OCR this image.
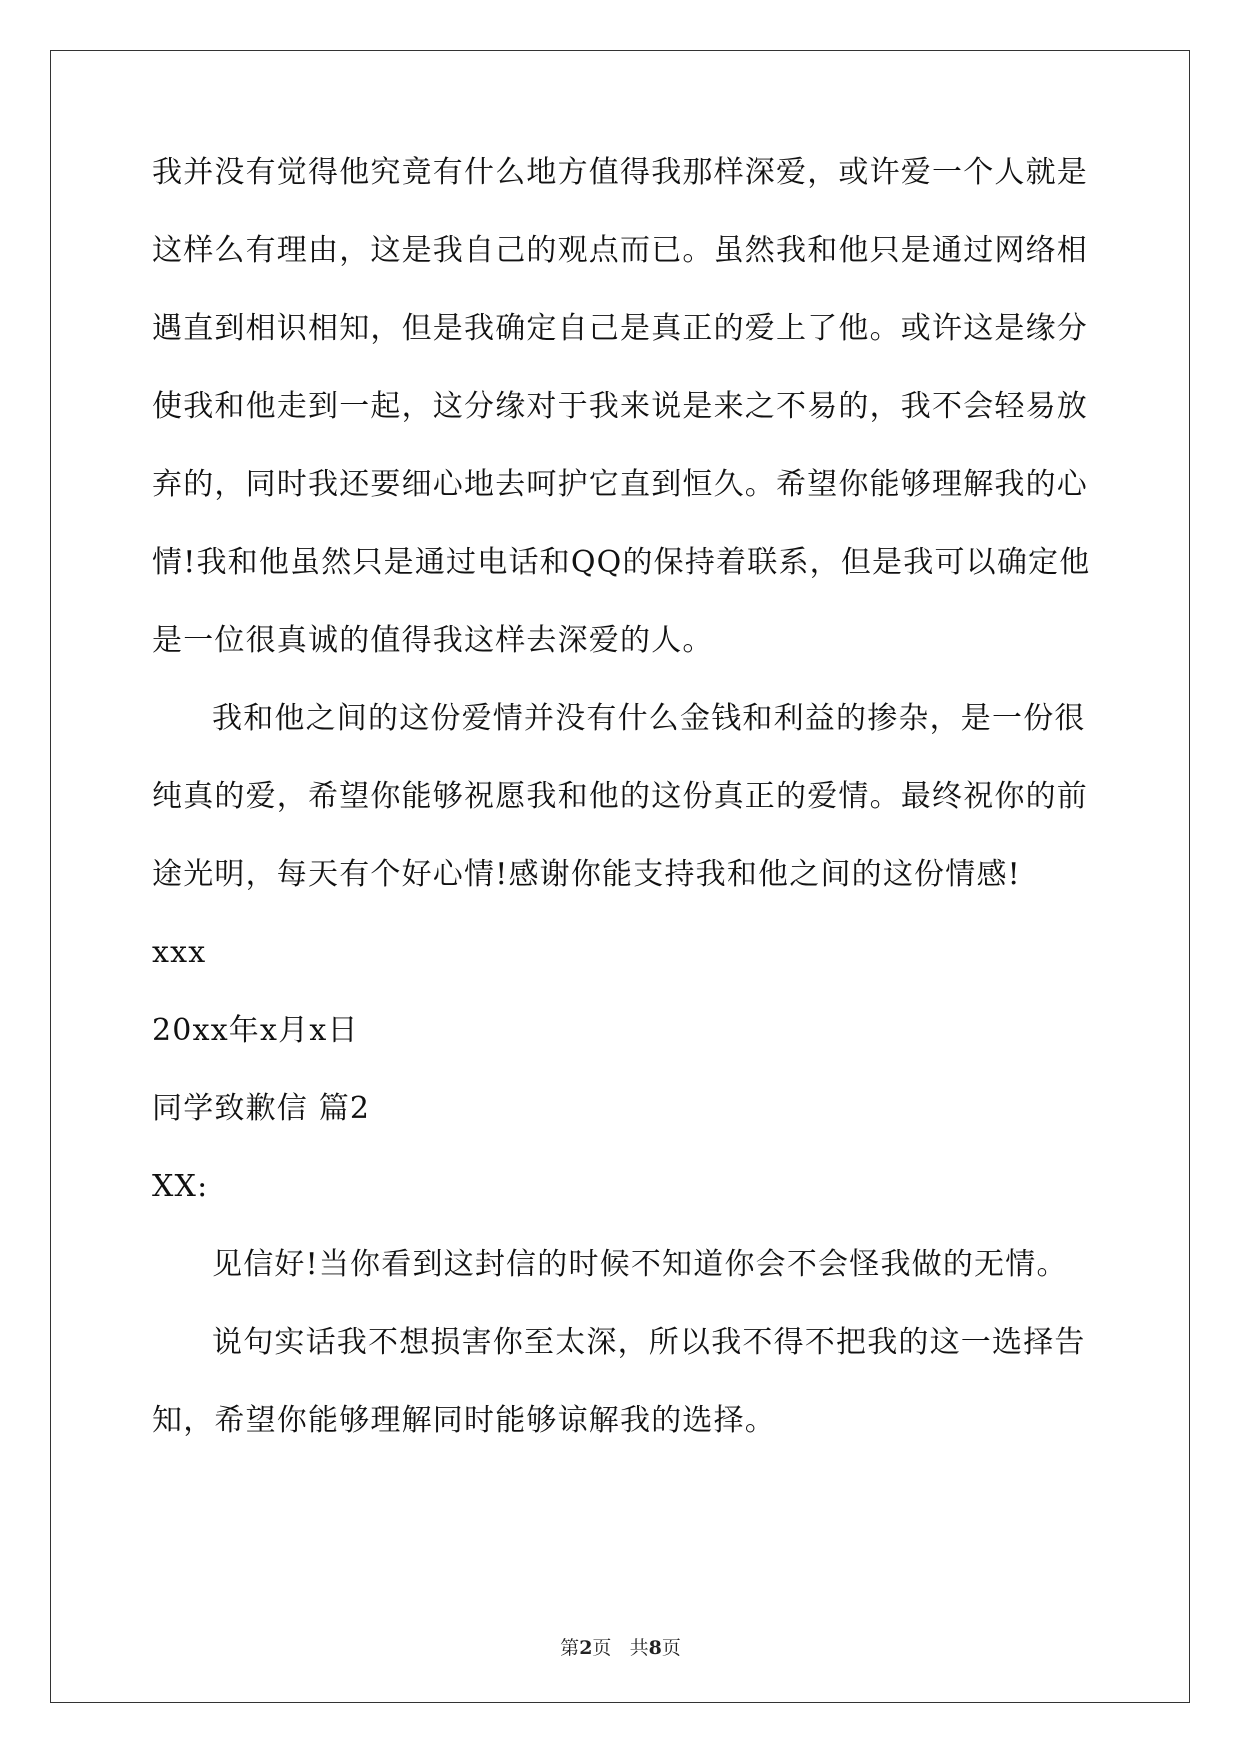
我并没有觉得他究竟有什么地方值得我那样深爱，或许爱一个人就是
这样么有理由，这是我自己的观点而已。虽然我和他只是通过网络相
遇直到相识相知，但是我确定自己是真正的爱上了他。或许这是缘分
使我和他走到一起，这分缘对于我来说是来之不易的，我不会轻易放
弃的，同时我还要细心地去呵护它直到恒久。希望你能够理解我的心
情!我和他虽然只是通过电话和QQ的保持着联系，但是我可以确定他
是一位很真诚的值得我这样去深爱的人。
我和他之间的这份爱情并没有什么金钱和利益的掺杂，是一份很
纯真的爱，希望你能够祝愿我和他的这份真正的爱情。最终祝你的前
途光明，每天有个好心情!感谢你能支持我和他之间的这份情感!
xxx
20xx年x月x日
同学致歉信 篇2
XX:
见信好!当你看到这封信的时候不知道你会不会怪我做的无情。
说句实话我不想损害你至太深，所以我不得不把我的这一选择告
知，希望你能够理解同时能够谅解我的选择。
第2页 共8页
